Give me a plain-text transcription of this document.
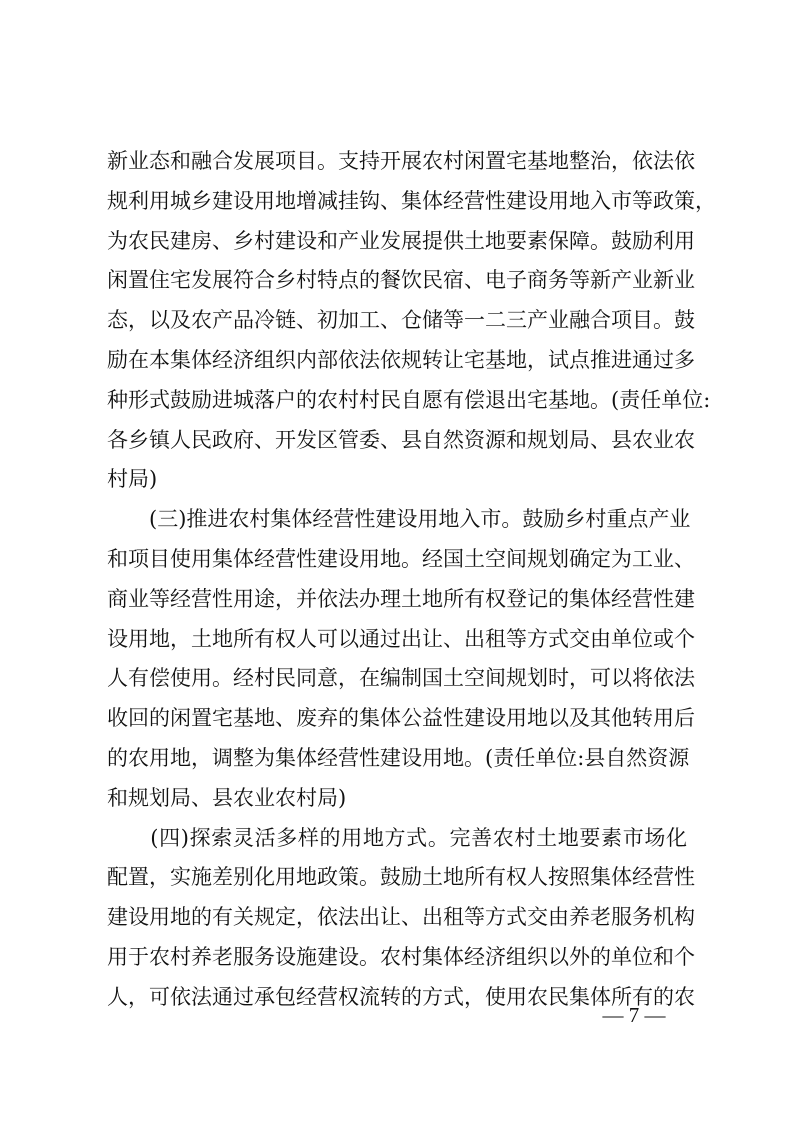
新业态和融合发展项目。支持开展农村闲置宅基地整治，依法依
规利用城乡建设用地增减挂钩、集体经营性建设用地入市等政策，
为农民建房、乡村建设和产业发展提供土地要素保障。鼓励利用
闲置住宅发展符合乡村特点的餐饮民宿、电子商务等新产业新业
态，以及农产品冷链、初加工、仓储等一二三产业融合项目。鼓
励在本集体经济组织内部依法依规转让宅基地，试点推进通过多
种形式鼓励进城落户的农村村民自愿有偿退出宅基地。(责任单位:
各乡镇人民政府、开发区管委、县自然资源和规划局、县农业农
村局)
　　(三)推进农村集体经营性建设用地入市。鼓励乡村重点产业
和项目使用集体经营性建设用地。经国土空间规划确定为工业、
商业等经营性用途，并依法办理土地所有权登记的集体经营性建
设用地，土地所有权人可以通过出让、出租等方式交由单位或个
人有偿使用。经村民同意，在编制国土空间规划时，可以将依法
收回的闲置宅基地、废弃的集体公益性建设用地以及其他转用后
的农用地，调整为集体经营性建设用地。(责任单位:县自然资源
和规划局、县农业农村局)
　　(四)探索灵活多样的用地方式。完善农村土地要素市场化
配置，实施差别化用地政策。鼓励土地所有权人按照集体经营性
建设用地的有关规定，依法出让、出租等方式交由养老服务机构
用于农村养老服务设施建设。农村集体经济组织以外的单位和个
人，可依法通过承包经营权流转的方式，使用农民集体所有的农
— 7 —
